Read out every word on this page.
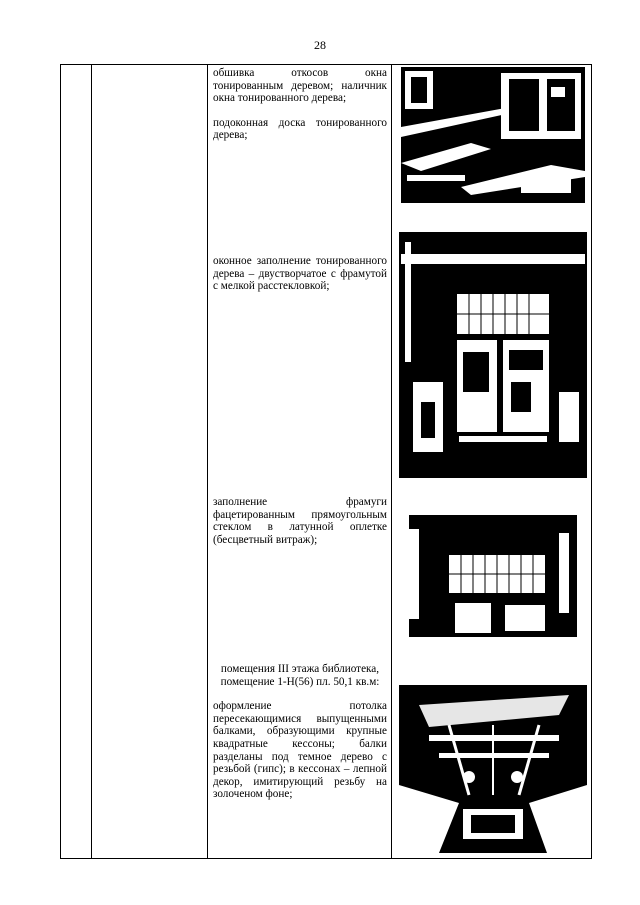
28

обшивка откосов окна тонированным деревом; наличник окна тонированного дерева;

подоконная доска тонированного дерева;

оконное заполнение тонированного дерева – двустворчатое с фрамутой с мелкой расстекловкой;

заполнение фрамуги фацетированным прямоугольным стеклом в латунной оплетке (бесцветный витраж);

помещения III этажа библиотека, помещение 1-Н(56) пл. 50,1 кв.м:

оформление потолка пересекающимися выпущенными балками, образующими крупные квадратные кессоны; балки разделаны под темное дерево с резьбой (гипс); в кессонах – лепной декор, имитирующий резьбу на золоченом фоне;
